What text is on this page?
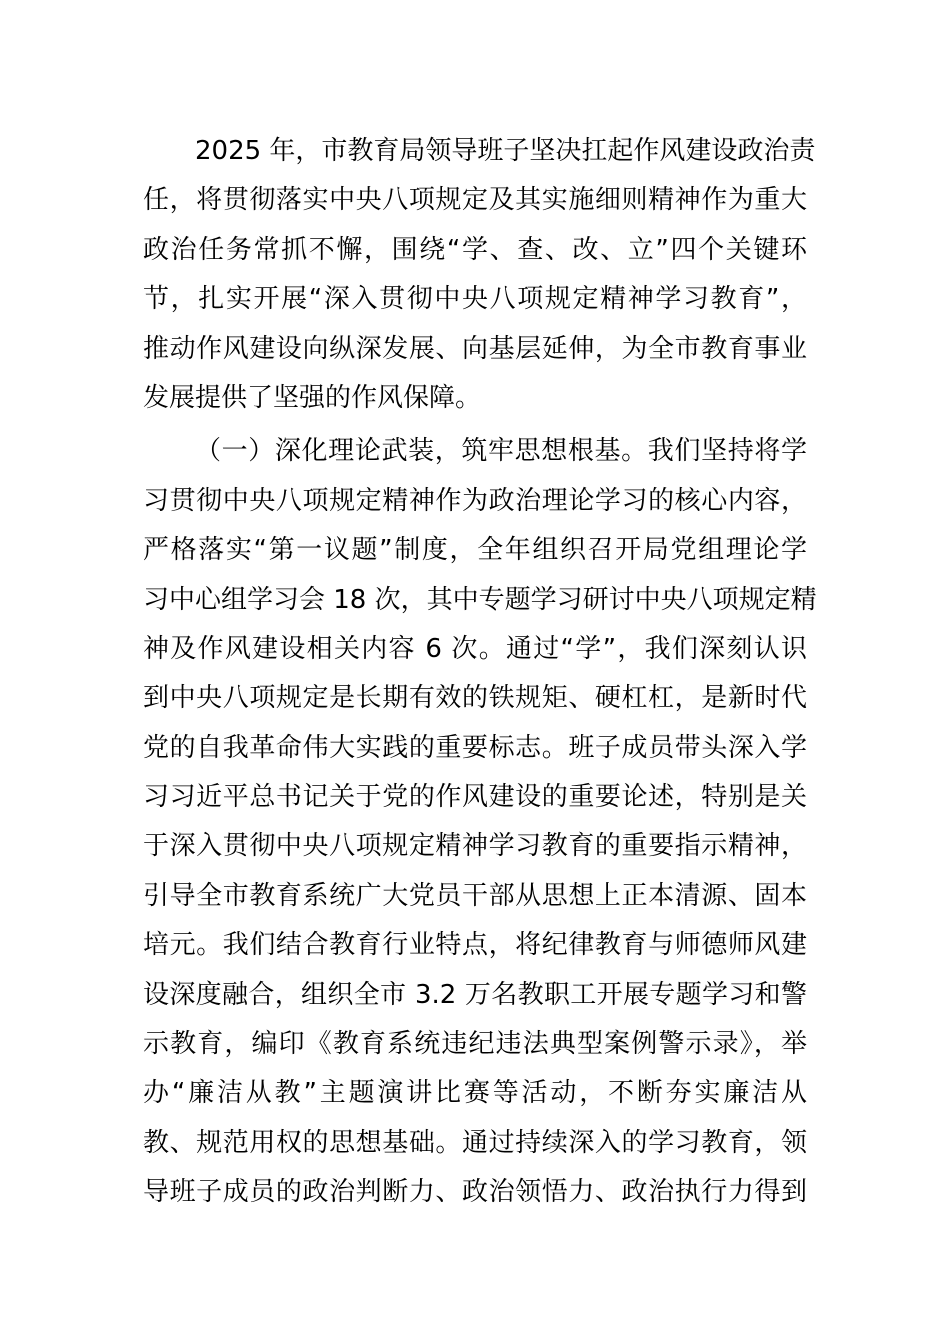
2025 年，市教育局领导班子坚决扛起作风建设政治责
任，将贯彻落实中央八项规定及其实施细则精神作为重大
政治任务常抓不懈，围绕“学、查、改、立”四个关键环
节，扎实开展“深入贯彻中央八项规定精神学习教育”，
推动作风建设向纵深发展、向基层延伸，为全市教育事业
发展提供了坚强的作风保障。
（一）深化理论武装，筑牢思想根基。我们坚持将学
习贯彻中央八项规定精神作为政治理论学习的核心内容，
严格落实“第一议题”制度，全年组织召开局党组理论学
习中心组学习会 18 次，其中专题学习研讨中央八项规定精
神及作风建设相关内容 6 次。通过“学”，我们深刻认识
到中央八项规定是长期有效的铁规矩、硬杠杠，是新时代
党的自我革命伟大实践的重要标志。班子成员带头深入学
习习近平总书记关于党的作风建设的重要论述，特别是关
于深入贯彻中央八项规定精神学习教育的重要指示精神，
引导全市教育系统广大党员干部从思想上正本清源、固本
培元。我们结合教育行业特点，将纪律教育与师德师风建
设深度融合，组织全市 3.2 万名教职工开展专题学习和警
示教育，编印《教育系统违纪违法典型案例警示录》，举
办“廉洁从教”主题演讲比赛等活动，不断夯实廉洁从
教、规范用权的思想基础。通过持续深入的学习教育，领
导班子成员的政治判断力、政治领悟力、政治执行力得到
